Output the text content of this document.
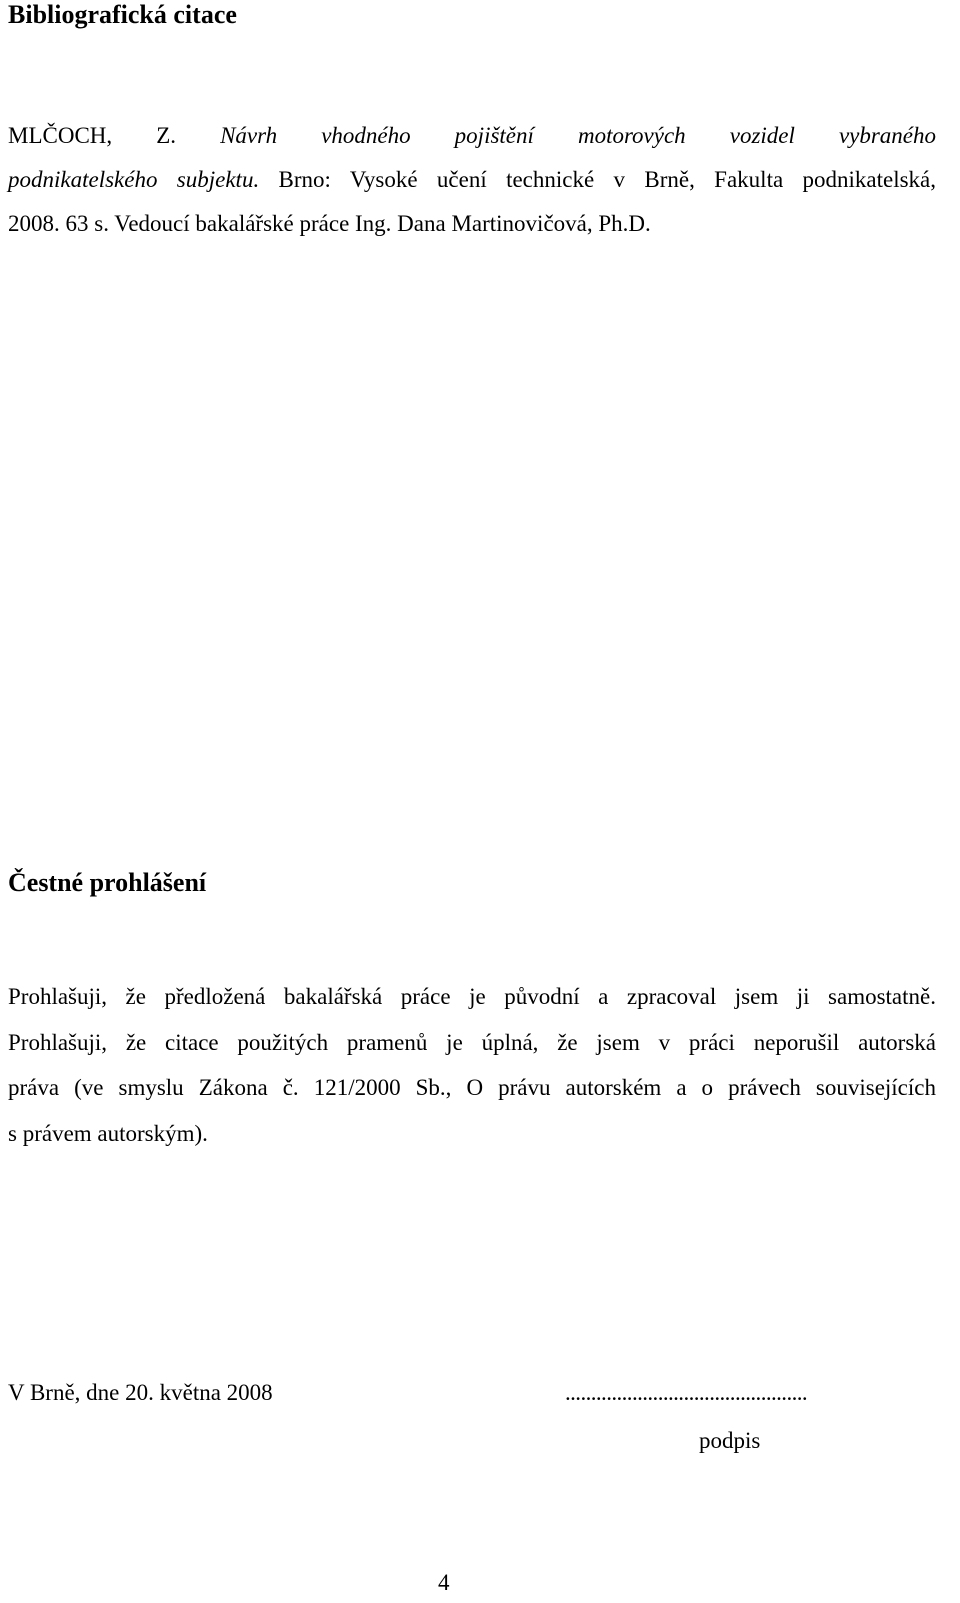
Bibliografická citace
MLČOCH, Z. Návrh vhodného pojištění motorových vozidel vybraného
podnikatelského subjektu. Brno: Vysoké učení technické v Brně, Fakulta podnikatelská,
2008. 63 s. Vedoucí bakalářské práce Ing. Dana Martinovičová, Ph.D.
Čestné prohlášení
Prohlašuji, že předložená bakalářská práce je původní a zpracoval jsem ji samostatně.
Prohlašuji, že citace použitých pramenů je úplná, že jsem v práci neporušil autorská
práva (ve smyslu Zákona č. 121/2000 Sb., O právu autorském a o právech souvisejících
s právem autorským).
V Brně, dne 20. května 2008	...............................................
podpis
4
